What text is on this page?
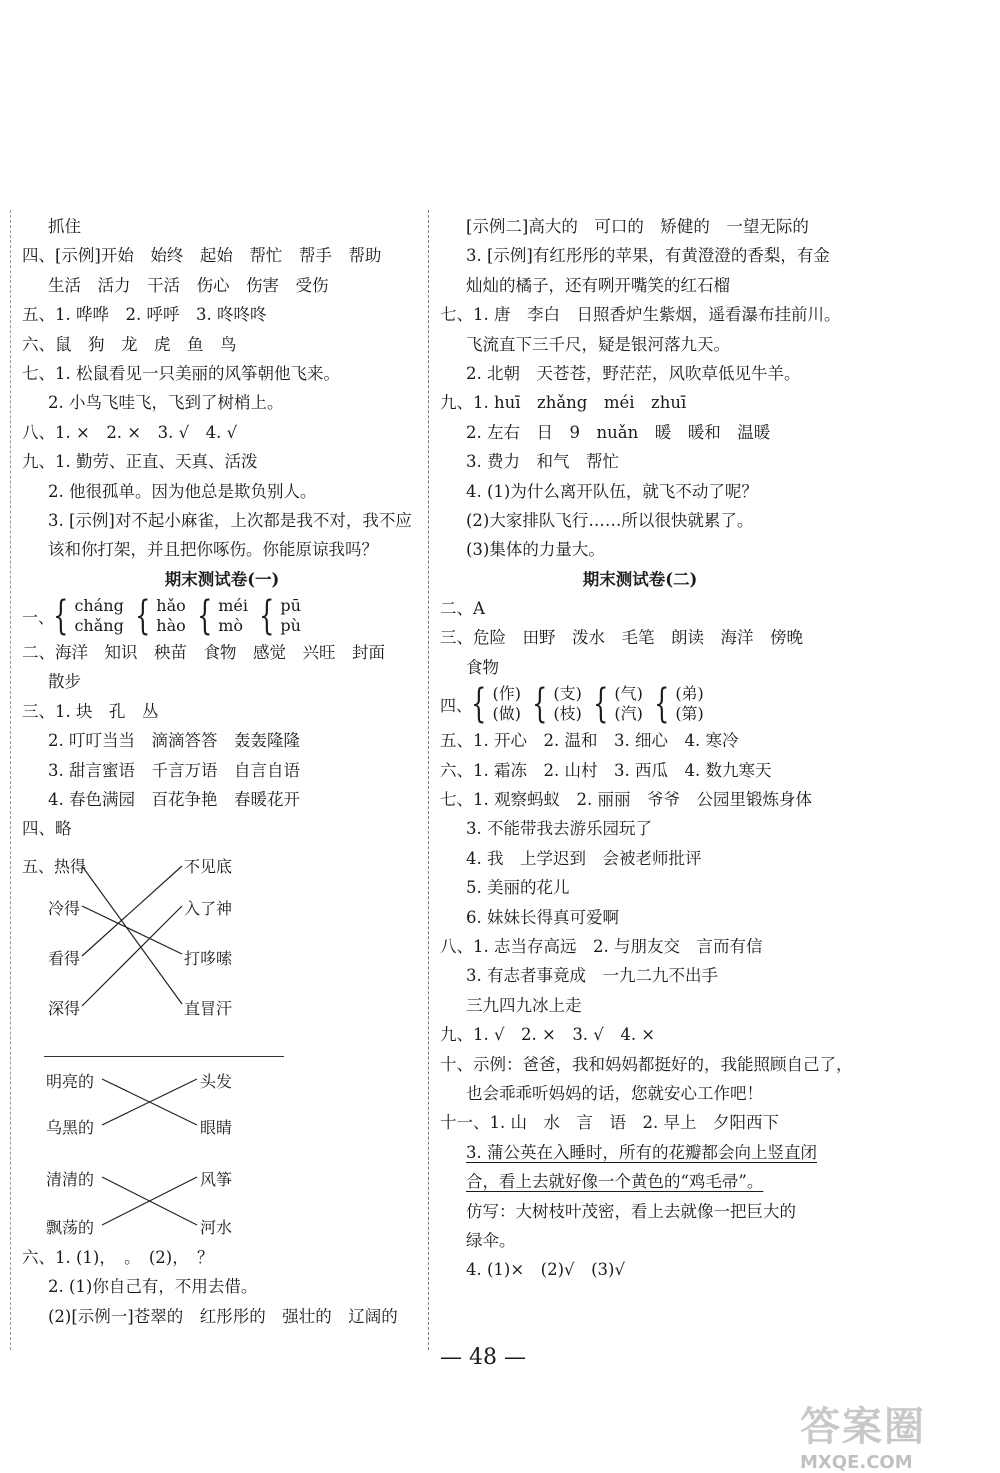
抓住
四、[示例]开始　始终　起始　帮忙　帮手　帮助
生活　活力　干活　伤心　伤害　受伤
五、1. 哗哗　2. 呼呼　3. 咚咚咚
六、鼠　狗　龙　虎　鱼　鸟
七、1. 松鼠看见一只美丽的风筝朝他飞来。
2. 小鸟飞哇飞，飞到了树梢上。
八、1. ×　2. ×　3. √　4. √
九、1. 勤劳、正直、天真、活泼
2. 他很孤单。因为他总是欺负别人。
3. [示例]对不起小麻雀，上次都是我不对，我不应
该和你打架，并且把你啄伤。你能原谅我吗？
期末测试卷(一)
一、 { cháng
chǎng { hǎo
hào { méi
mò { pū
pù
二、海洋　知识　秧苗　食物　感觉　兴旺　封面
散步
三、1. 块　孔　丛
2. 叮叮当当　滴滴答答　轰轰隆隆
3. 甜言蜜语　千言万语　自言自语
4. 春色满园　百花争艳　春暖花开
四、略
五、热得
冷得
看得
深得
不见底
入了神
打哆嗦
直冒汗
明亮的
乌黑的
头发
眼睛
清清的
飘荡的
风筝
河水
六、1. (1)，　。　(2)，　？
2. (1)你自己有，不用去借。
(2)[示例一]苍翠的　红彤彤的　强壮的　辽阔的
[示例二]高大的　可口的　矫健的　一望无际的
3. [示例]有红彤彤的苹果，有黄澄澄的香梨，有金
灿灿的橘子，还有咧开嘴笑的红石榴
七、1. 唐　李白　日照香炉生紫烟，遥看瀑布挂前川。
飞流直下三千尺，疑是银河落九天。
2. 北朝　天苍苍，野茫茫，风吹草低见牛羊。
九、1. huī　zhǎng　méi　zhuī
2. 左右　日　9　nuǎn　暖　暖和　温暖
3. 费力　和气　帮忙
4. (1)为什么离开队伍，就飞不动了呢？
(2)大家排队飞行……所以很快就累了。
(3)集体的力量大。
期末测试卷(二)
二、A
三、危险　田野　泼水　毛笔　朗读　海洋　傍晚
食物
四、 { (作)
(做) { (支)
(枝) { (气)
(汽) { (弟)
(第)
五、1. 开心　2. 温和　3. 细心　4. 寒冷
六、1. 霜冻　2. 山村　3. 西瓜　4. 数九寒天
七、1. 观察蚂蚁　2. 丽丽　爷爷　公园里锻炼身体
3. 不能带我去游乐园玩了
4. 我　上学迟到　会被老师批评
5. 美丽的花儿
6. 妹妹长得真可爱啊
八、1. 志当存高远　2. 与朋友交　言而有信
3. 有志者事竟成　一九二九不出手
三九四九冰上走
九、1. √　2. ×　3. √　4. ×
十、示例：爸爸，我和妈妈都挺好的，我能照顾自己了，
也会乖乖听妈妈的话，您就安心工作吧！
十一、1. 山　水　言　语　2. 早上　夕阳西下
3. 蒲公英在入睡时，所有的花瓣都会向上竖直闭
合，看上去就好像一个黄色的“鸡毛帚”。
仿写：大树枝叶茂密，看上去就像一把巨大的
绿伞。
4. (1)×　(2)√　(3)√
— 48 —
答案圈
MXQE.COM
